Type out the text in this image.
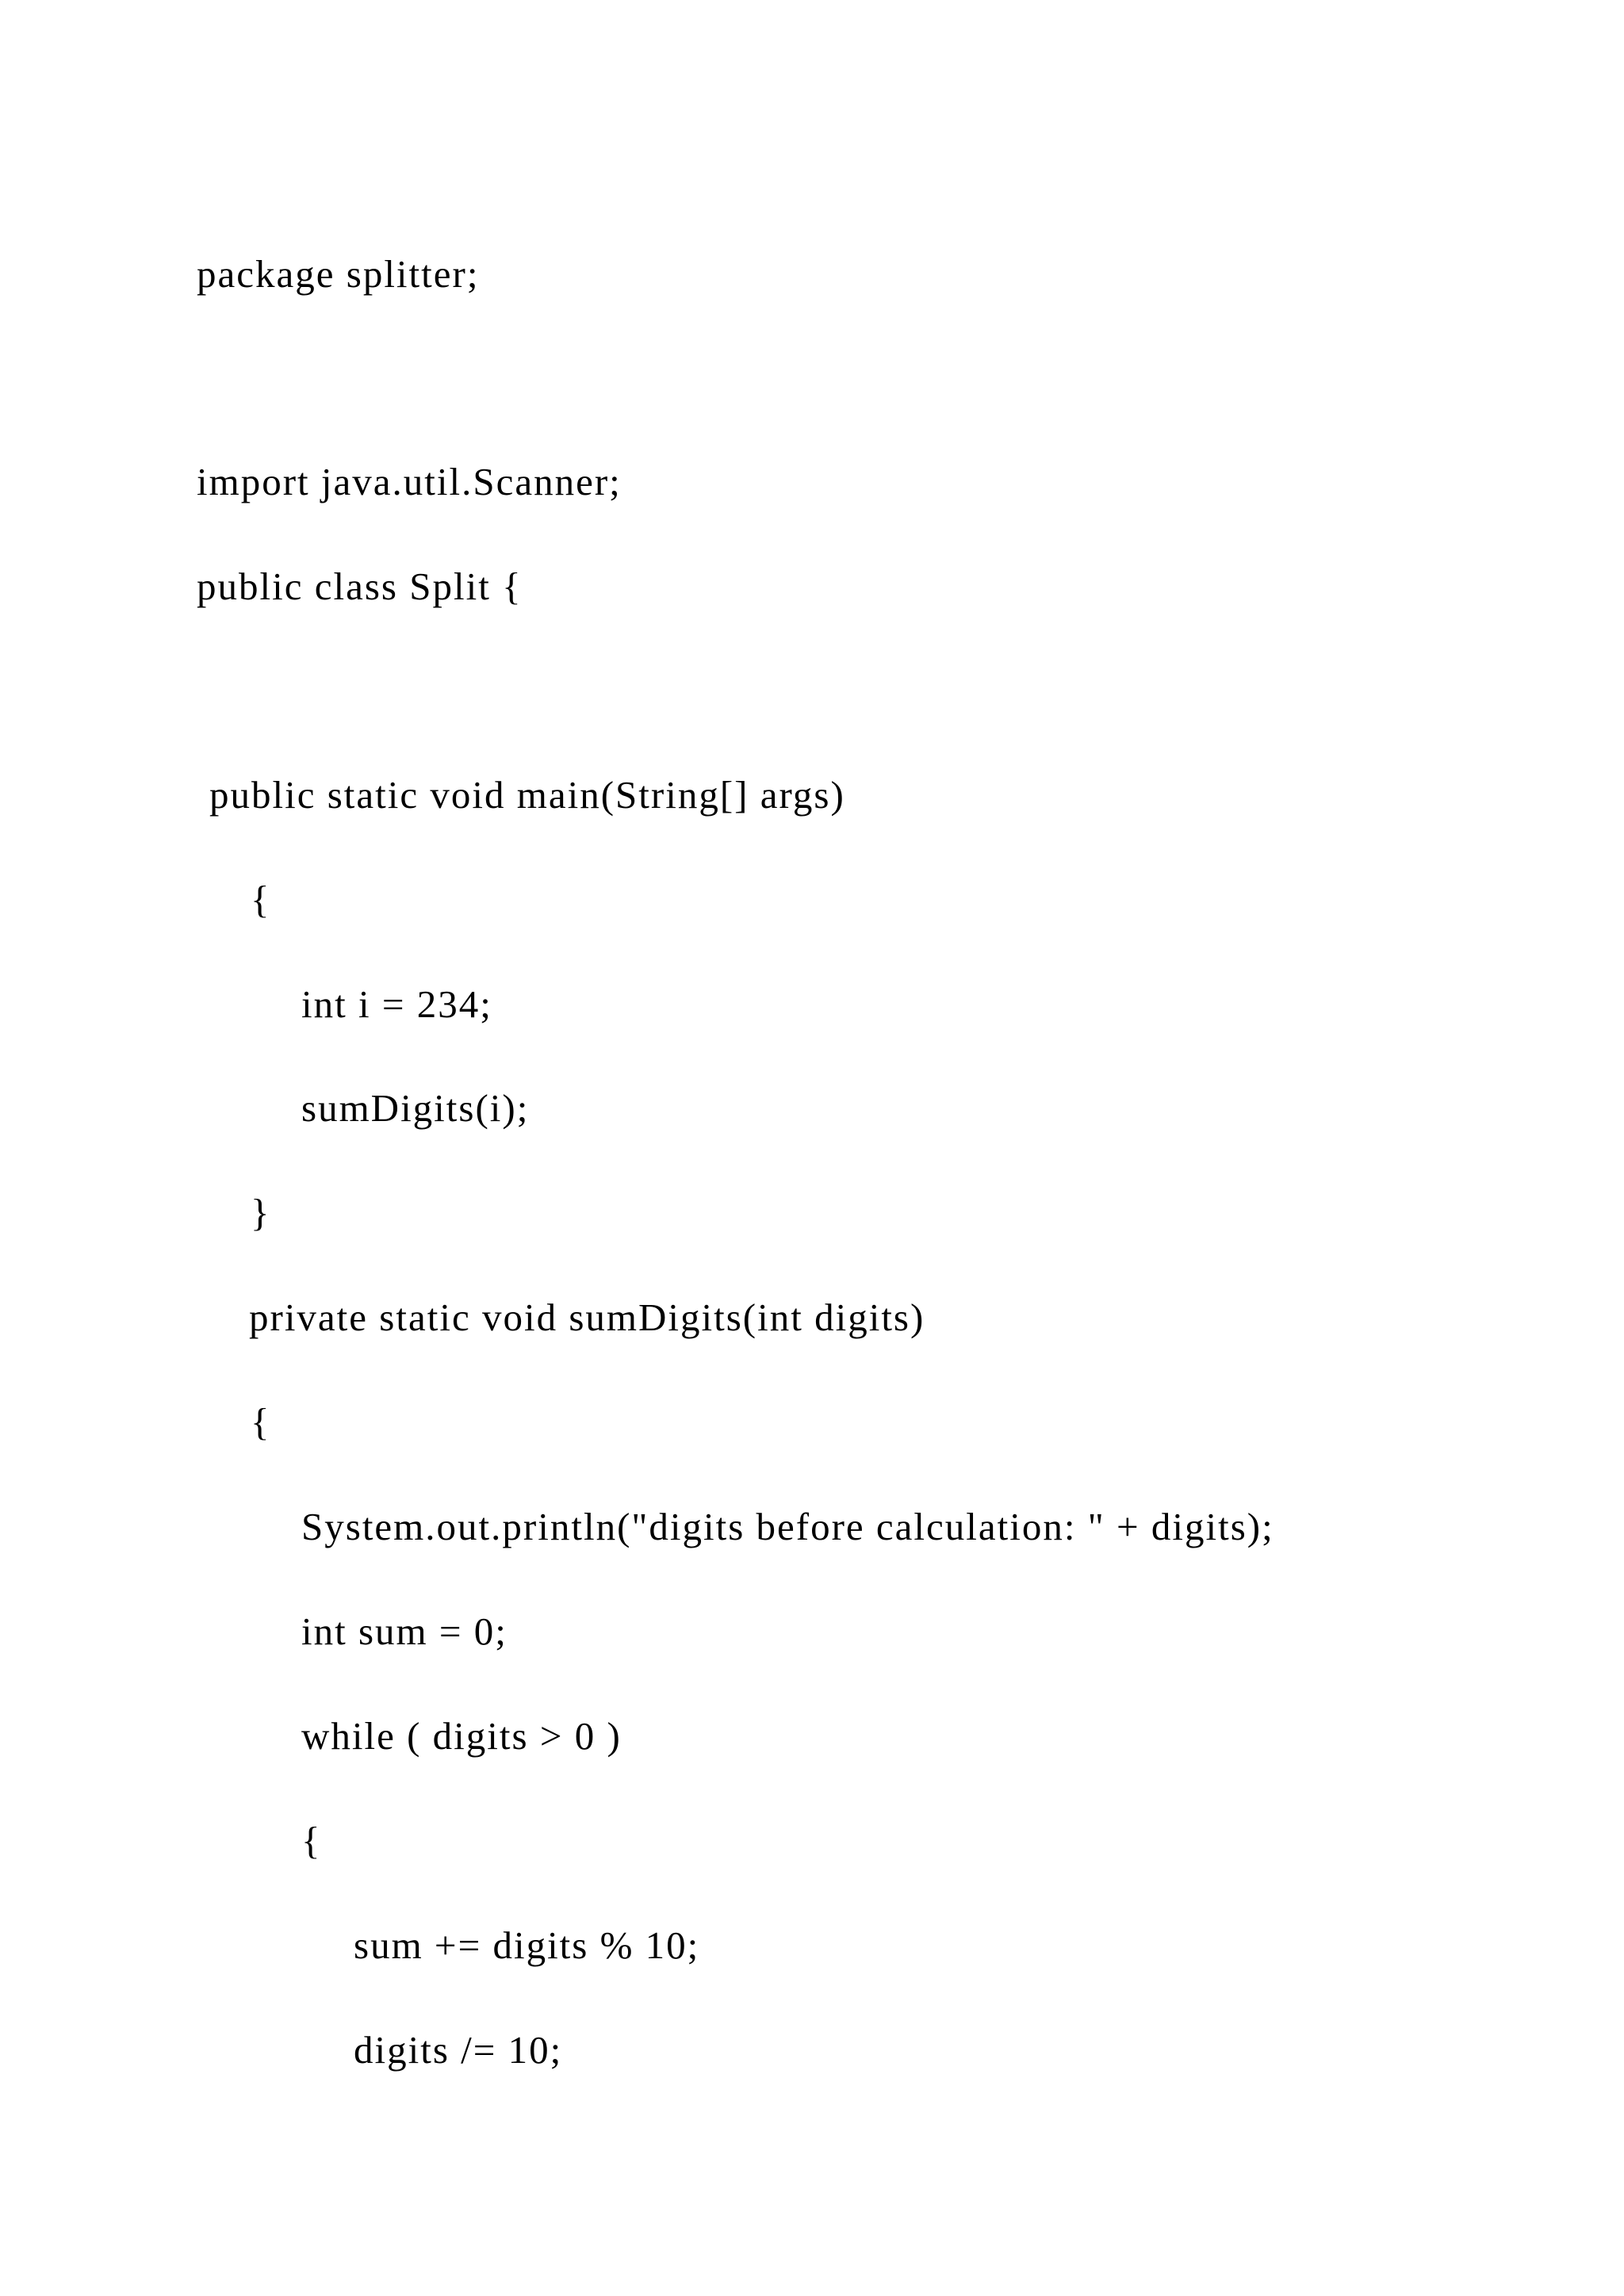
package splitter;

import java.util.Scanner;

public class Split {

public static void main(String[] args)

{

int i = 234;

sumDigits(i);

}

private static void sumDigits(int digits)

{

System.out.println("digits before calculation: " + digits);

int sum = 0;

while ( digits > 0 )

{

sum += digits % 10;

digits /= 10;
